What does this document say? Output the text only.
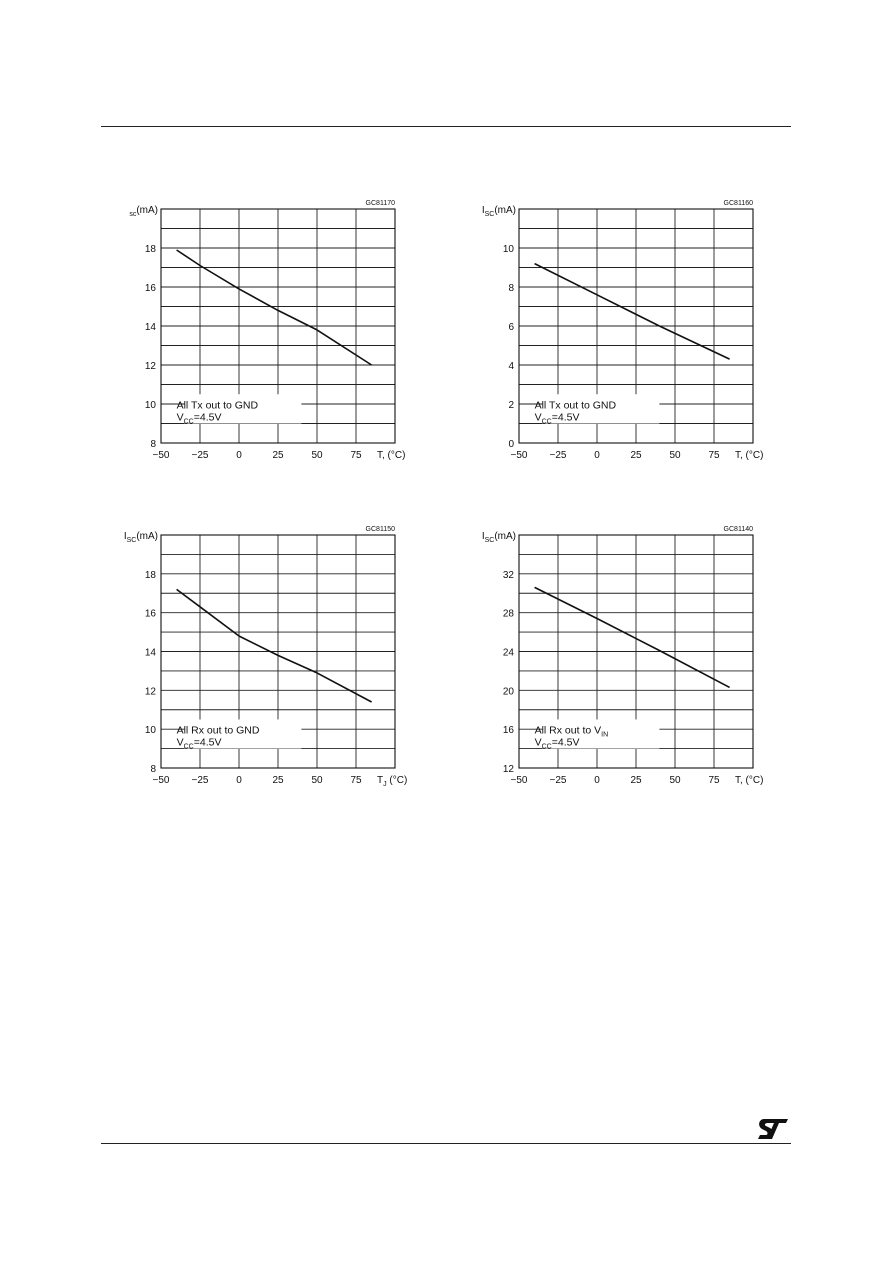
−50 −25	0	25	50	75
8
10
12
14
16
18
$_{sc}$(mA)
T, (°C)
GC81170
All Tx out to GND
$V_{CC}=4.5V$
−50 −25	0	25	50	75
0
2
4
6
8
10
$I_{SC}(mA)$
T, (°C)
GC81160
All Tx out to GND
$V_{CC}=4.5V$
−50 −25	0	25	50	75
8
10
12
14
16
18
$I_{SC}(mA)$
$T_J$ (°C)
GC81150
All Rx out to GND
$V_{CC}=4.5V$
−50 −25	0	25	50	75
12
16
20
24
28
32
$I_{SC}(mA)$
T, (°C)
GC81140
All Rx out to $V_{IN}$
$V_{CC}=4.5V$
